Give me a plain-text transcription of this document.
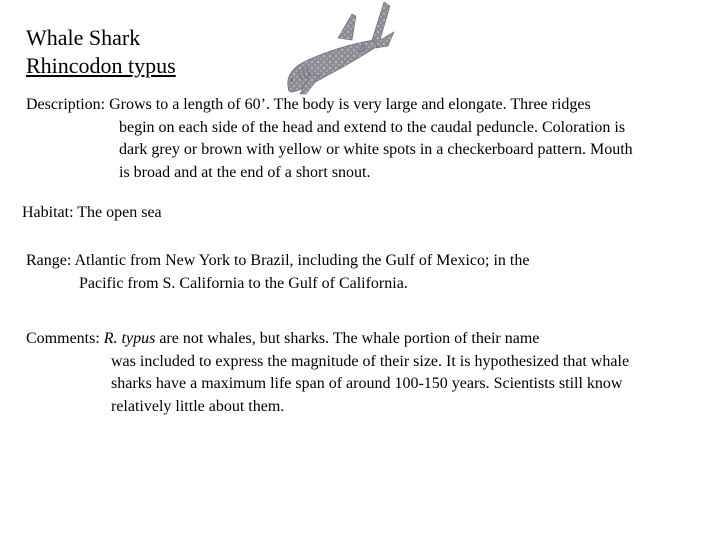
Whale Shark
Rhincodon typus
Description: Grows to a length of 60’. The body is very large and elongate. Three ridges
begin on each side of the head and extend to the caudal peduncle. Coloration is
dark grey or brown with yellow or white spots in a checkerboard pattern. Mouth
is broad and at the end of a short snout.
Habitat: The open sea
Range: Atlantic from New York to Brazil, including the Gulf of Mexico; in the
Pacific from S. California to the Gulf of California.
Comments: R. typus are not whales, but sharks. The whale portion of their name
was included to express the magnitude of their size. It is hypothesized that whale
sharks have a maximum life span of around 100-150 years. Scientists still know
relatively little about them.
